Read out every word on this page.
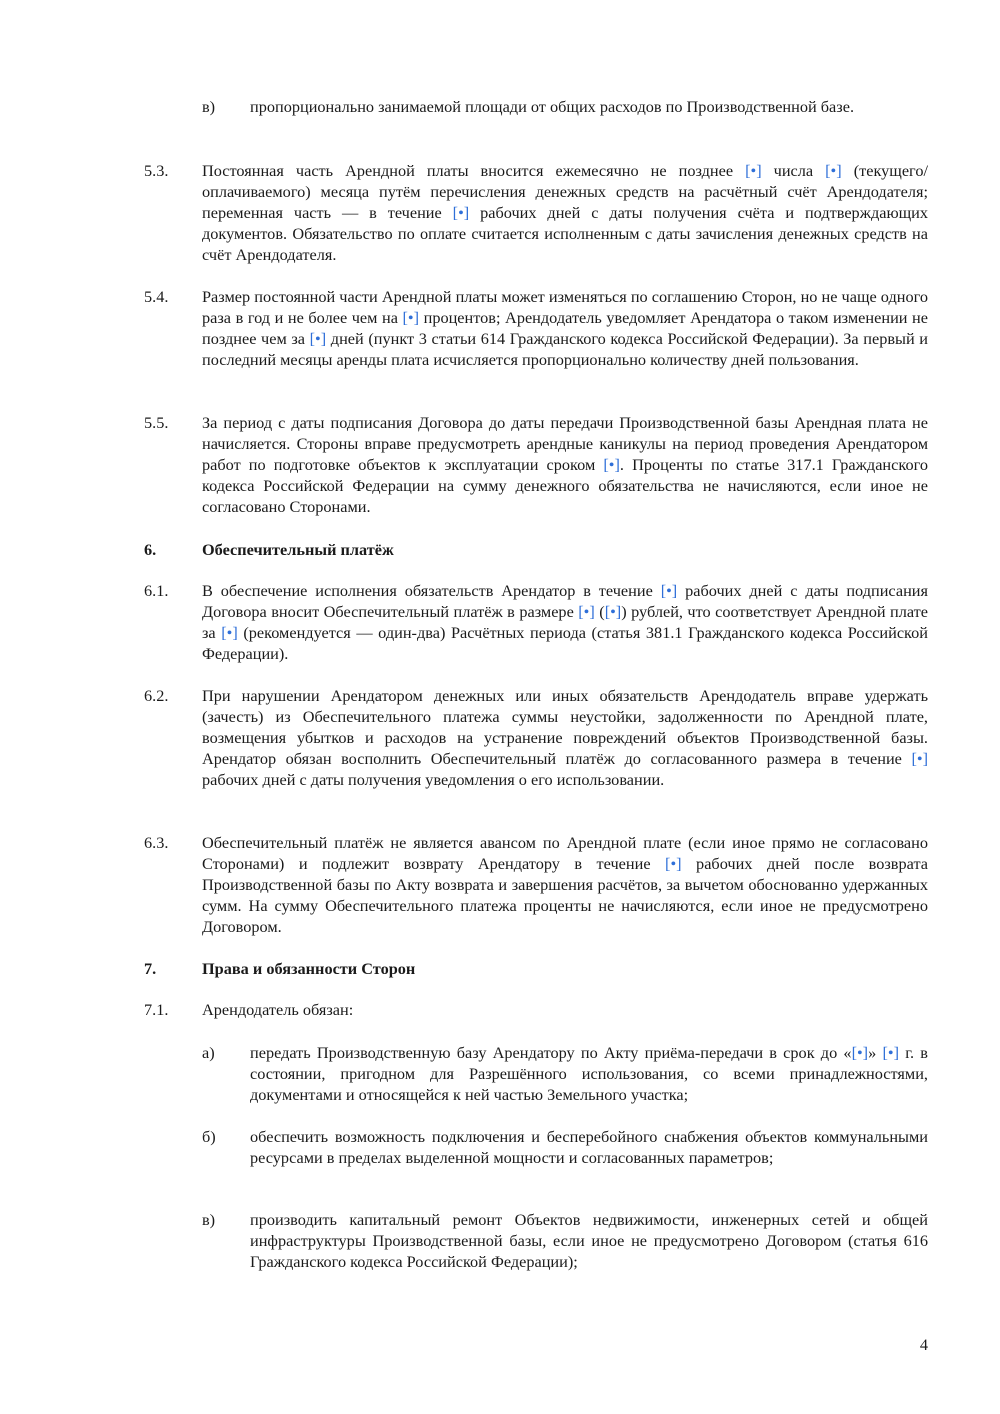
в) пропорционально занимаемой площади от общих расходов по Производственной базе.
5.3. Постоянная часть Арендной платы вносится ежемесячно не позднее [•] числа [•] (текущего/оплачиваемого) месяца путём перечисления денежных средств на расчётный счёт Арендодателя; переменная часть — в течение [•] рабочих дней с даты получения счёта и подтверждающих документов. Обязательство по оплате считается исполненным с даты зачисления денежных средств на счёт Арендодателя.
5.4. Размер постоянной части Арендной платы может изменяться по соглашению Сторон, но не чаще одного раза в год и не более чем на [•] процентов; Арендодатель уведомляет Арендатора о таком изменении не позднее чем за [•] дней (пункт 3 статьи 614 Гражданского кодекса Российской Федерации). За первый и последний месяцы аренды плата исчисляется пропорционально количеству дней пользования.
5.5. За период с даты подписания Договора до даты передачи Производственной базы Арендная плата не начисляется. Стороны вправе предусмотреть арендные каникулы на период проведения Арендатором работ по подготовке объектов к эксплуатации сроком [•]. Проценты по статье 317.1 Гражданского кодекса Российской Федерации на сумму денежного обязательства не начисляются, если иное не согласовано Сторонами.
6.	Обеспечительный платёж
6.1. В обеспечение исполнения обязательств Арендатор в течение [•] рабочих дней с даты подписания Договора вносит Обеспечительный платёж в размере [•] ([•]) рублей, что соответствует Арендной плате за [•] (рекомендуется — один-два) Расчётных периода (статья 381.1 Гражданского кодекса Российской Федерации).
6.2. При нарушении Арендатором денежных или иных обязательств Арендодатель вправе удержать (зачесть) из Обеспечительного платежа суммы неустойки, задолженности по Арендной плате, возмещения убытков и расходов на устранение повреждений объектов Производственной базы. Арендатор обязан восполнить Обеспечительный платёж до согласованного размера в течение [•] рабочих дней с даты получения уведомления о его использовании.
6.3. Обеспечительный платёж не является авансом по Арендной плате (если иное прямо не согласовано Сторонами) и подлежит возврату Арендатору в течение [•] рабочих дней после возврата Производственной базы по Акту возврата и завершения расчётов, за вычетом обоснованно удержанных сумм. На сумму Обеспечительного платежа проценты не начисляются, если иное не предусмотрено Договором.
7.	Права и обязанности Сторон
7.1. Арендодатель обязан:
а) передать Производственную базу Арендатору по Акту приёма-передачи в срок до «[•]» [•] г. в состоянии, пригодном для Разрешённого использования, со всеми принадлежностями, документами и относящейся к ней частью Земельного участка;
б) обеспечить возможность подключения и бесперебойного снабжения объектов коммунальными ресурсами в пределах выделенной мощности и согласованных параметров;
в) производить капитальный ремонт Объектов недвижимости, инженерных сетей и общей инфраструктуры Производственной базы, если иное не предусмотрено Договором (статья 616 Гражданского кодекса Российской Федерации);
4
